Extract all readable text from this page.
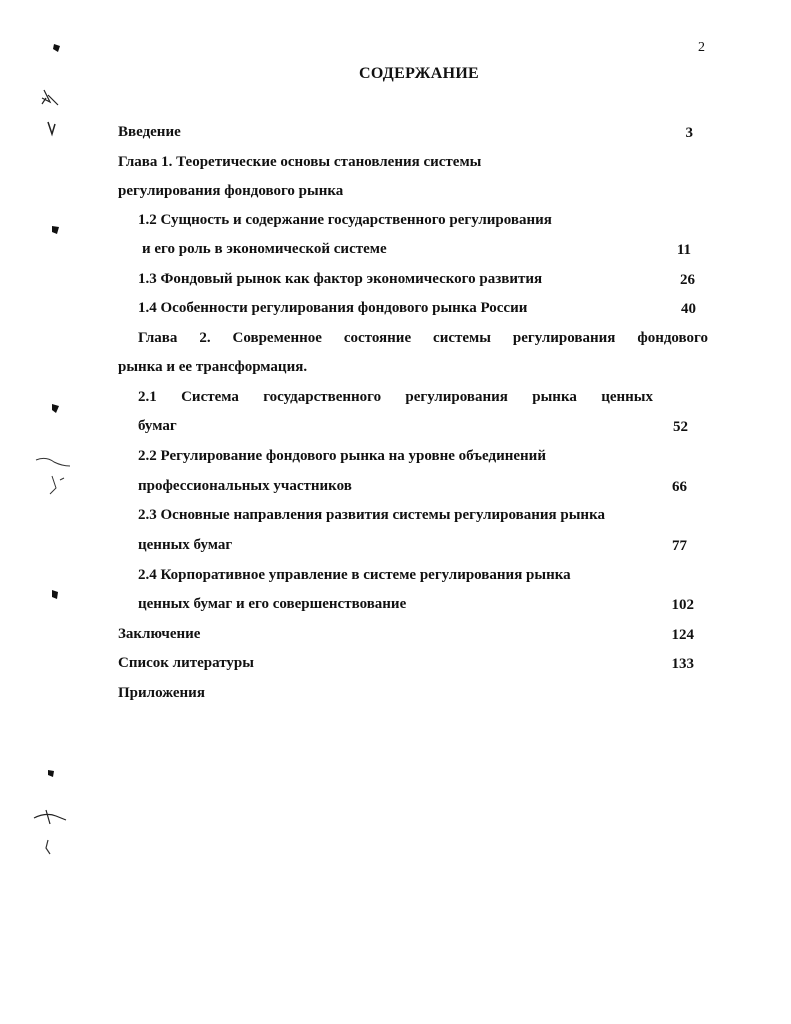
2
СОДЕРЖАНИЕ
Введение	3
Глава 1. Теоретические основы становления системы
регулирования фондового рынка
1.2 Сущность и содержание государственного регулирования
и его роль в экономической системе	11
1.3 Фондовый рынок как фактор экономического развития	26
1.4 Особенности регулирования фондового рынка России	40
Глава 2. Современное состояние системы регулирования фондового
рынка и ее трансформация.
2.1 Система государственного регулирования рынка ценных
бумаг	52
2.2 Регулирование фондового рынка на уровне объединений
профессиональных участников	66
2.3 Основные направления развития системы регулирования рынка
ценных бумаг	77
2.4 Корпоративное управление в системе регулирования рынка
ценных бумаг и его совершенствование	102
Заключение	124
Список литературы	133
Приложения
